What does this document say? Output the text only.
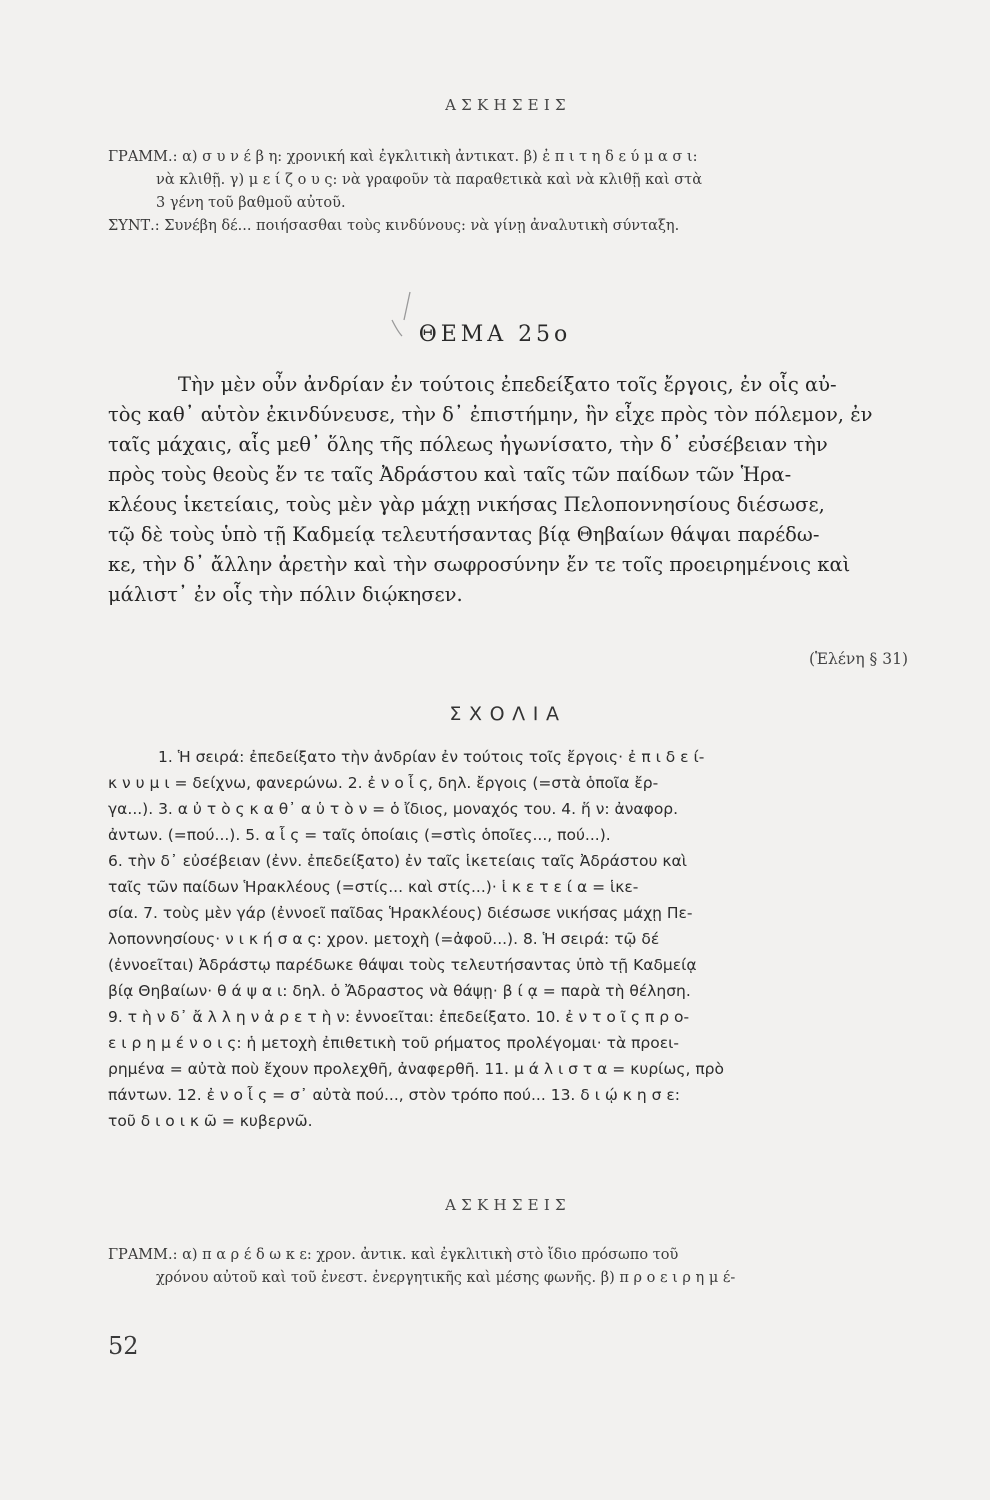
ΑΣΚΗΣΕΙΣ
ΓΡΑΜΜ.: α) σ υ ν έ β η: χρονική καὶ ἐγκλιτικὴ ἀντικατ. β) ἐ π ι τ η δ ε ύ μ α σ ι:
νὰ κλιθῇ. γ) μ ε ί ζ ο υ ς: νὰ γραφοῦν τὰ παραθετικὰ καὶ νὰ κλιθῇ καὶ στὰ
3 γένη τοῦ βαθμοῦ αὐτοῦ.
ΣΥΝΤ.: Συνέβη δέ... ποιήσασθαι τοὺς κινδύνους: νὰ γίνῃ ἀναλυτικὴ σύνταξη.
ΘΕΜΑ 25ο
Τὴν μὲν οὖν ἀνδρίαν ἐν τούτοις ἐπεδείξατο τοῖς ἔργοις, ἐν οἷς αὐ-
τὸς καθ᾽ αὑτὸν ἐκινδύνευσε, τὴν δ᾽ ἐπιστήμην, ἣν εἶχε πρὸς τὸν πόλεμον, ἐν
ταῖς μάχαις, αἷς μεθ᾽ ὅλης τῆς πόλεως ἠγωνίσατο, τὴν δ᾽ εὐσέβειαν τὴν
πρὸς τοὺς θεοὺς ἔν τε ταῖς Ἀδράστου καὶ ταῖς τῶν παίδων τῶν Ἡρα-
κλέους ἱκετείαις, τοὺς μὲν γὰρ μάχῃ νικήσας Πελοποννησίους διέσωσε,
τῷ δὲ τοὺς ὑπὸ τῇ Καδμείᾳ τελευτήσαντας βίᾳ Θηβαίων θάψαι παρέδω-
κε, τὴν δ᾽ ἄλλην ἀρετὴν καὶ τὴν σωφροσύνην ἔν τε τοῖς προειρημένοις καὶ
μάλιστ᾽ ἐν οἷς τὴν πόλιν διῴκησεν.
(Ἑλένη § 31)
ΣΧΟΛΙΑ
1. Ἡ σειρά: ἐπεδείξατο τὴν ἀνδρίαν ἐν τούτοις τοῖς ἔργοις· ἐ π ι δ ε ί-
κ ν υ μ ι = δείχνω, φανερώνω. 2. ἐ ν ο ἷ ς, δηλ. ἔργοις (=στὰ ὁποῖα ἔρ-
γα...). 3. α ὐ τ ὸ ς κ α θ᾽ α ὑ τ ὸ ν = ὁ ἴδιος, μοναχός του. 4. ἥ ν: ἀναφορ.
ἀντων. (=πού...). 5. α ἷ ς = ταῖς ὁποίαις (=στὶς ὁποῖες..., πού...).
6. τὴν δ᾽ εὐσέβειαν (ἐνν. ἐπεδείξατο) ἐν ταῖς ἱκετείαις ταῖς Ἀδράστου καὶ
ταῖς τῶν παίδων Ἡρακλέους (=στίς... καὶ στίς...)· ἱ κ ε τ ε ί α = ἱκε-
σία. 7. τοὺς μὲν γάρ (ἐννοεῖ παῖδας Ἡρακλέους) διέσωσε νικήσας μάχῃ Πε-
λοποννησίους· ν ι κ ή σ α ς: χρον. μετοχὴ (=ἀφοῦ...). 8. Ἡ σειρά: τῷ δέ
(ἐννοεῖται) Ἀδράστῳ παρέδωκε θάψαι τοὺς τελευτήσαντας ὑπὸ τῇ Καδμείᾳ
βίᾳ Θηβαίων· θ ά ψ α ι: δηλ. ὁ Ἄδραστος νὰ θάψῃ· β ί ᾳ = παρὰ τὴ θέληση.
9. τ ὴ ν δ᾽ ἄ λ λ η ν ἀ ρ ε τ ὴ ν: ἐννοεῖται: ἐπεδείξατο. 10. ἐ ν τ ο ῖ ς π ρ ο-
ε ι ρ η μ έ ν ο ι ς: ἡ μετοχὴ ἐπιθετικὴ τοῦ ρήματος προλέγομαι· τὰ προει-
ρημένα = αὐτὰ ποὺ ἔχουν προλεχθῆ, ἀναφερθῆ. 11. μ ά λ ι σ τ α = κυρίως, πρὸ
πάντων. 12. ἐ ν ο ἷ ς = σ᾽ αὐτὰ πού..., στὸν τρόπο πού... 13. δ ι ῴ κ η σ ε:
τοῦ δ ι ο ι κ ῶ = κυβερνῶ.
ΑΣΚΗΣΕΙΣ
ΓΡΑΜΜ.: α) π α ρ έ δ ω κ ε: χρον. ἀντικ. καὶ ἐγκλιτικὴ στὸ ἴδιο πρόσωπο τοῦ
χρόνου αὐτοῦ καὶ τοῦ ἐνεστ. ἐνεργητικῆς καὶ μέσης φωνῆς. β) π ρ ο ε ι ρ η μ έ-
52
